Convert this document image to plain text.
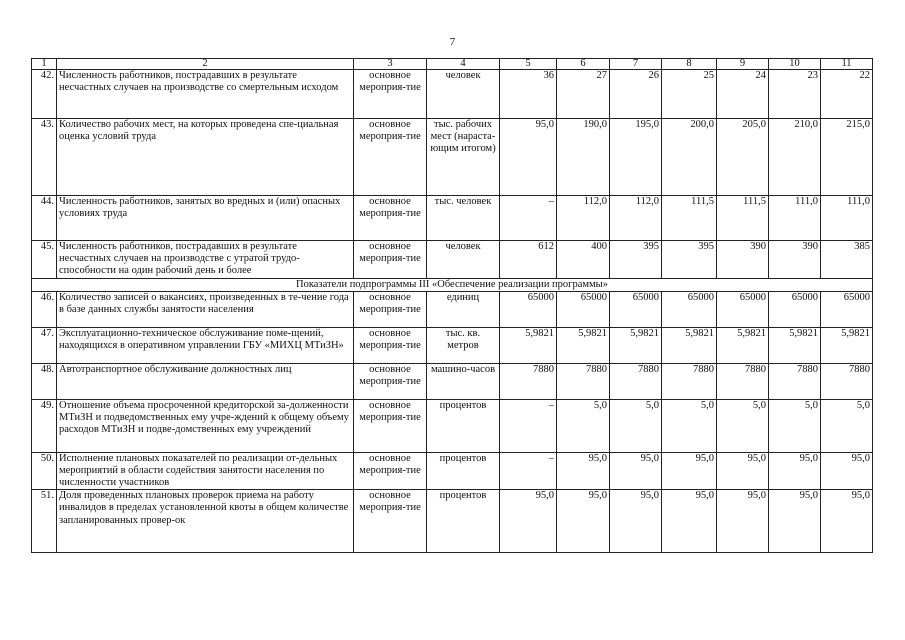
7
1	2	3	4	5	6	7	8	9	10	11
42.	Численность работников, пострадавших в результате несчастных случаев на производстве со смертельным исходом	основное мероприя-тие	человек	36	27	26	25	24	23	22
43.	Количество рабочих мест, на которых проведена спе-циальная оценка условий труда	основное мероприя-тие	тыс. рабочих мест (нараста-ющим итогом)	95,0	190,0	195,0	200,0	205,0	210,0	215,0
44.	Численность работников, занятых во вредных и (или) опасных условиях труда	основное мероприя-тие	тыс. человек	–	112,0	112,0	111,5	111,5	111,0	111,0
45.	Численность работников, пострадавших в результате несчастных случаев на производстве с утратой трудо-способности на один рабочий день и более	основное мероприя-тие	человек	612	400	395	395	390	390	385
Показатели подпрограммы III «Обеспечение реализации программы»										
46.	Количество записей о вакансиях, произведенных в те-чение года в базе данных службы занятости населения	основное мероприя-тие	единиц	65000	65000	65000	65000	65000	65000	65000
47.	Эксплуатационно-техническое обслуживание поме-щений, находящихся в оперативном управлении ГБУ «МИХЦ МТиЗН»	основное мероприя-тие	тыс. кв. метров	5,9821	5,9821	5,9821	5,9821	5,9821	5,9821	5,9821
48.	Автотранспортное обслуживание должностных лиц	основное мероприя-тие	машино-часов	7880	7880	7880	7880	7880	7880	7880
49.	Отношение объема просроченной кредиторской за-долженности МТиЗН и подведомственных ему учре-ждений к общему объему расходов МТиЗН и подве-домственных ему учреждений	основное мероприя-тие	процентов	–	5,0	5,0	5,0	5,0	5,0	5,0
50.	Исполнение плановых показателей по реализации от-дельных мероприятий в области содействия занятости населения по численности участников	основное мероприя-тие	процентов	–	95,0	95,0	95,0	95,0	95,0	95,0
51.	Доля проведенных плановых проверок приема на работу инвалидов в пределах установленной квоты в общем количестве запланированных провер-ок	основное мероприя-тие	процентов	95,0	95,0	95,0	95,0	95,0	95,0	95,0
